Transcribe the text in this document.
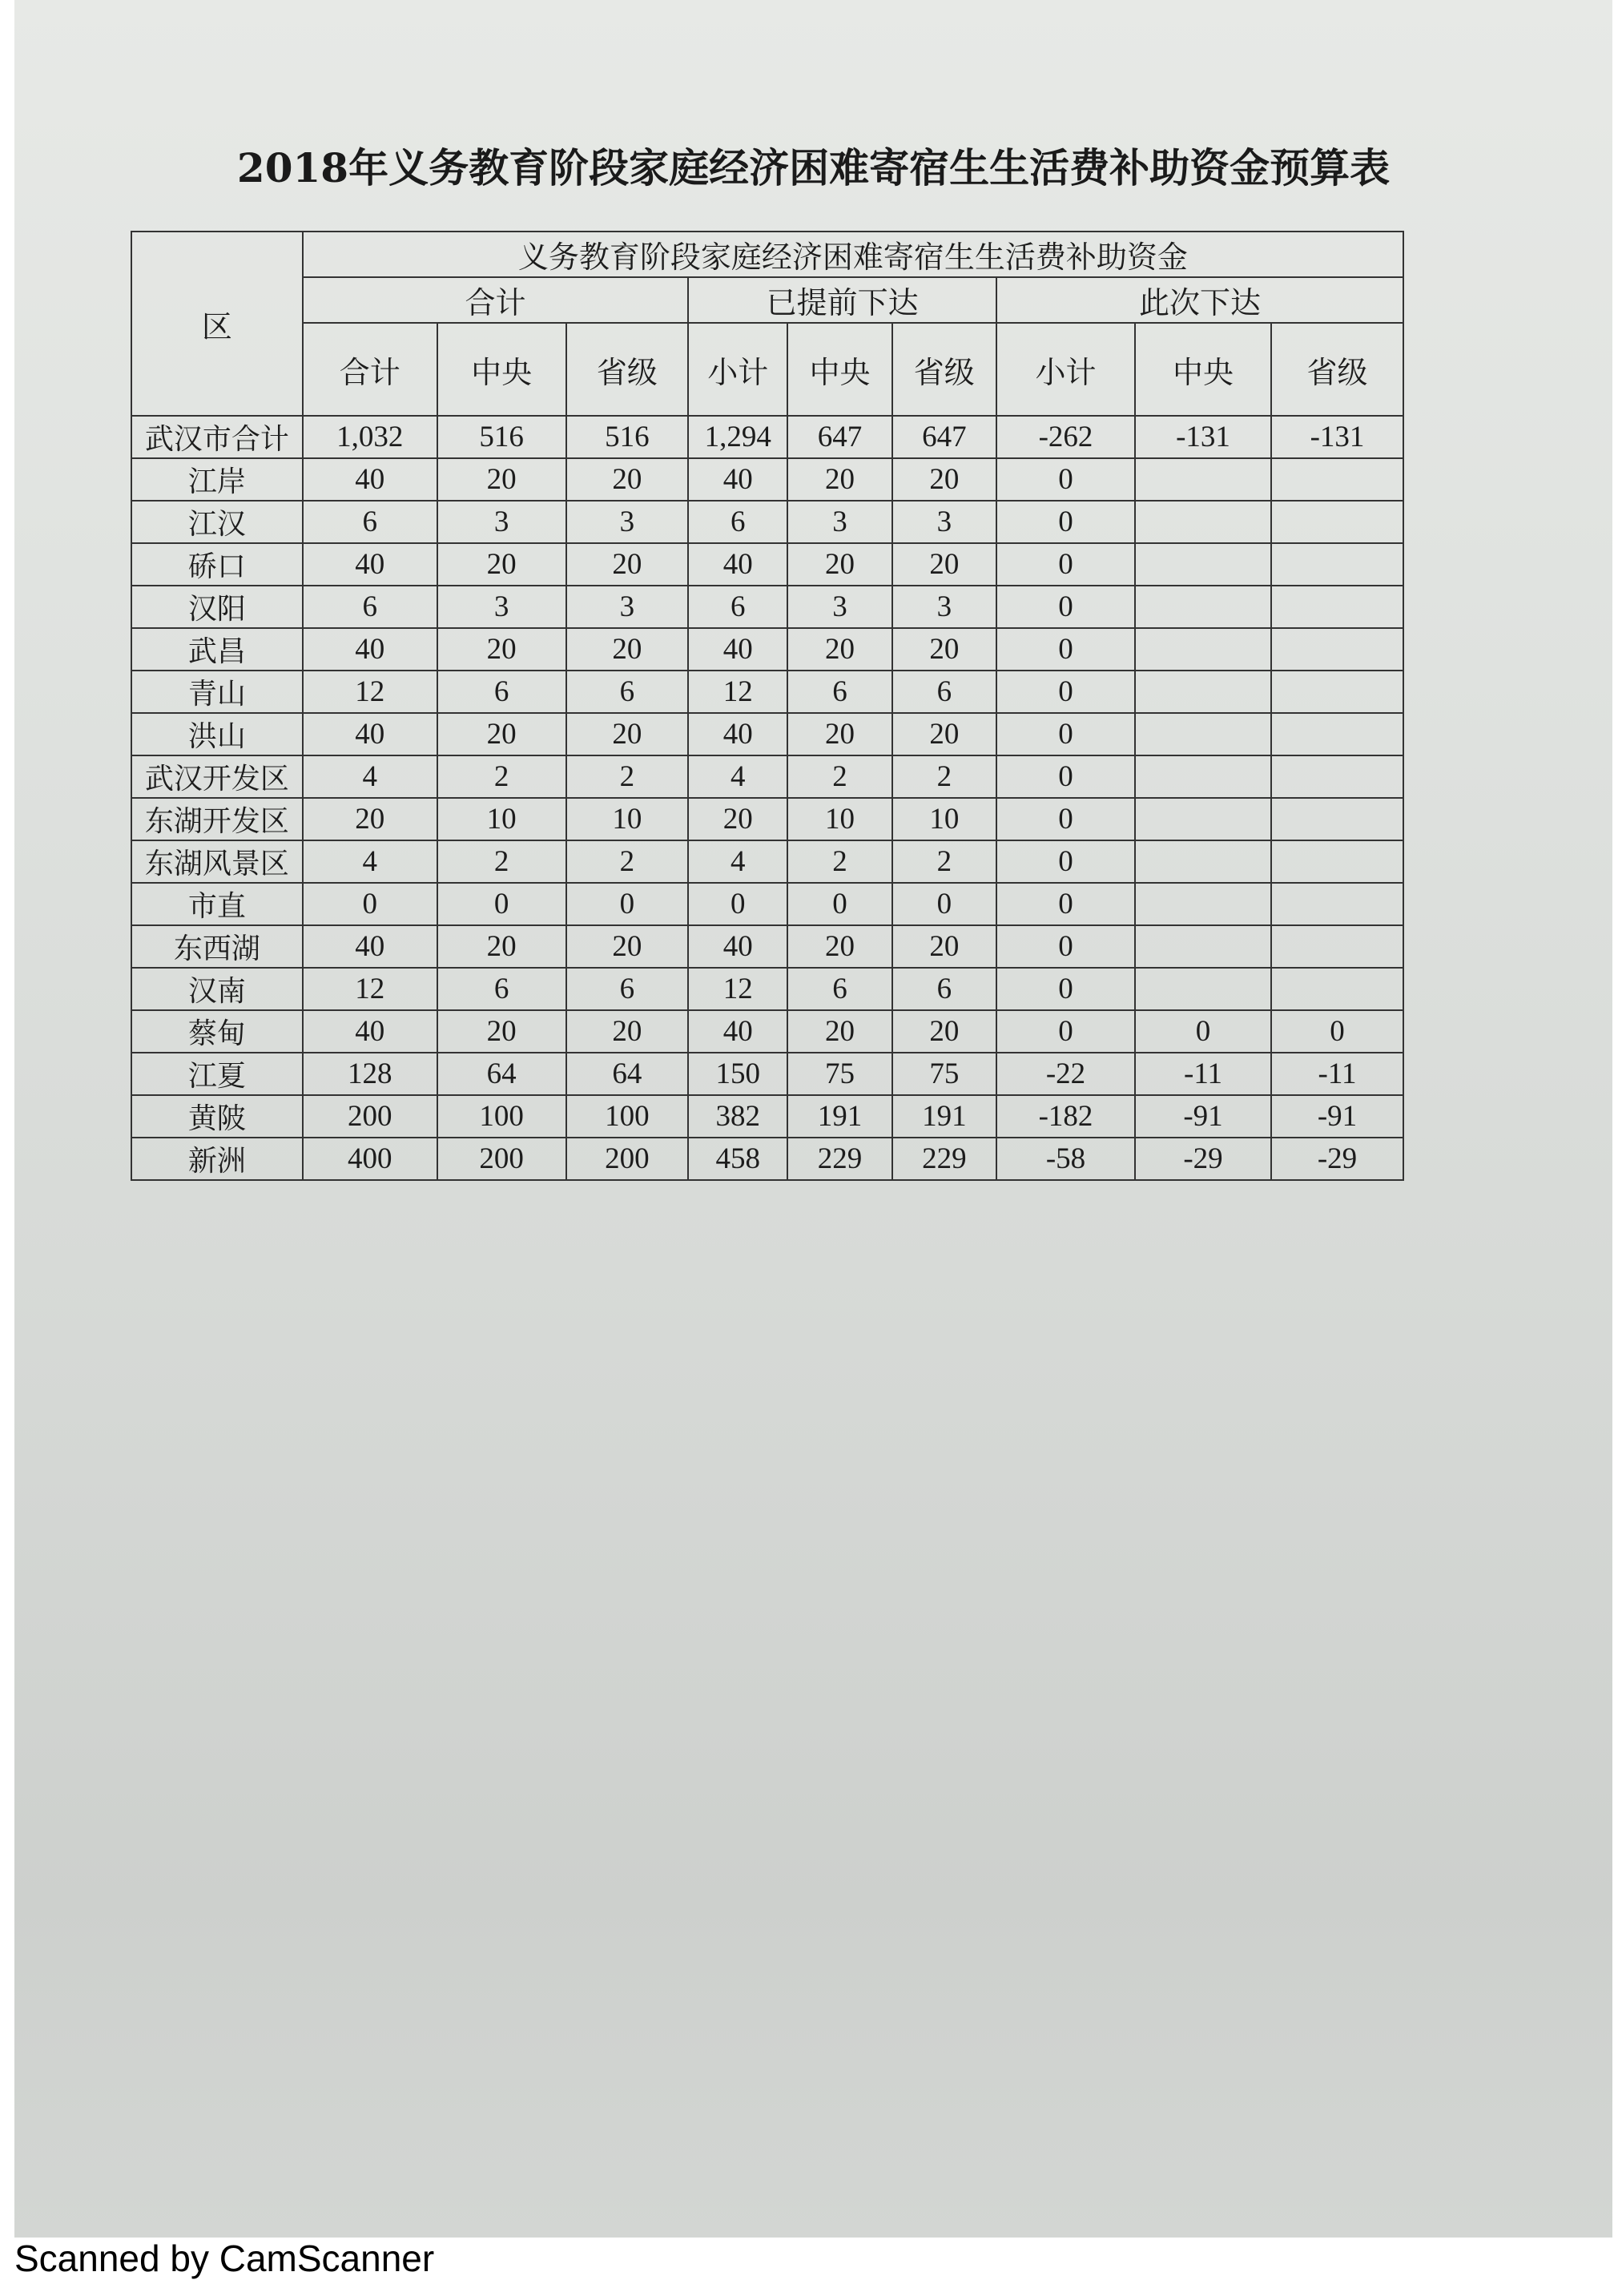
2018年义务教育阶段家庭经济困难寄宿生生活费补助资金预算表
区	义务教育阶段家庭经济困难寄宿生生活费补助资金								
	合计			已提前下达			此次下达		
	合计	中央	省级	小计	中央	省级	小计	中央	省级
武汉市合计	1,032	516	516	1,294	647	647	-262	-131	-131
江岸	40	20	20	40	20	20	0		
江汉	6	3	3	6	3	3	0		
硚口	40	20	20	40	20	20	0		
汉阳	6	3	3	6	3	3	0		
武昌	40	20	20	40	20	20	0		
青山	12	6	6	12	6	6	0		
洪山	40	20	20	40	20	20	0		
武汉开发区	4	2	2	4	2	2	0		
东湖开发区	20	10	10	20	10	10	0		
东湖风景区	4	2	2	4	2	2	0		
市直	0	0	0	0	0	0	0		
东西湖	40	20	20	40	20	20	0		
汉南	12	6	6	12	6	6	0		
蔡甸	40	20	20	40	20	20	0	0	0
江夏	128	64	64	150	75	75	-22	-11	-11
黄陂	200	100	100	382	191	191	-182	-91	-91
新洲	400	200	200	458	229	229	-58	-29	-29
Scanned by CamScanner
